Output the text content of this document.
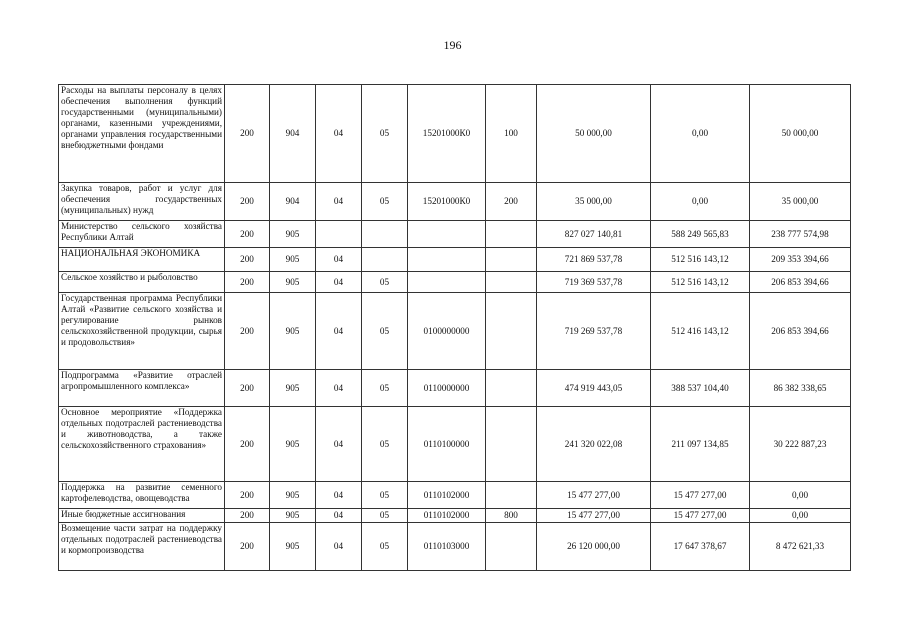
196
Расходы на выплаты персоналу в целях обеспечения выполнения функций государственными (муниципальными) органами, казенными учреждениями, органами управления государственными внебюджетными фондами	200	904	04	05	15201000К0	100	50 000,00	0,00	50 000,00
Закупка товаров, работ и услуг для обеспечения государственных (муниципальных) нужд	200	904	04	05	15201000К0	200	35 000,00	0,00	35 000,00
Министерство сельского хозяйства Республики Алтай	200	905					827 027 140,81	588 249 565,83	238 777 574,98
НАЦИОНАЛЬНАЯ ЭКОНОМИКА	200	905	04				721 869 537,78	512 516 143,12	209 353 394,66
Сельское хозяйство и рыболовство	200	905	04	05			719 369 537,78	512 516 143,12	206 853 394,66
Государственная программа Республики Алтай «Развитие сельского хозяйства и регулирование рынков сельскохозяйственной продукции, сырья и продовольствия»	200	905	04	05	0100000000		719 269 537,78	512 416 143,12	206 853 394,66
Подпрограмма «Развитие отраслей агропромышленного комплекса»	200	905	04	05	0110000000		474 919 443,05	388 537 104,40	86 382 338,65
Основное мероприятие «Поддержка отдельных подотраслей растениеводства и животноводства, а также сельскохозяйственного страхования»	200	905	04	05	0110100000		241 320 022,08	211 097 134,85	30 222 887,23
Поддержка на развитие семенного картофелеводства, овощеводства	200	905	04	05	0110102000		15 477 277,00	15 477 277,00	0,00
Иные бюджетные ассигнования	200	905	04	05	0110102000	800	15 477 277,00	15 477 277,00	0,00
Возмещение части затрат на поддержку отдельных подотраслей растениеводства и кормопроизводства	200	905	04	05	0110103000		26 120 000,00	17 647 378,67	8 472 621,33
